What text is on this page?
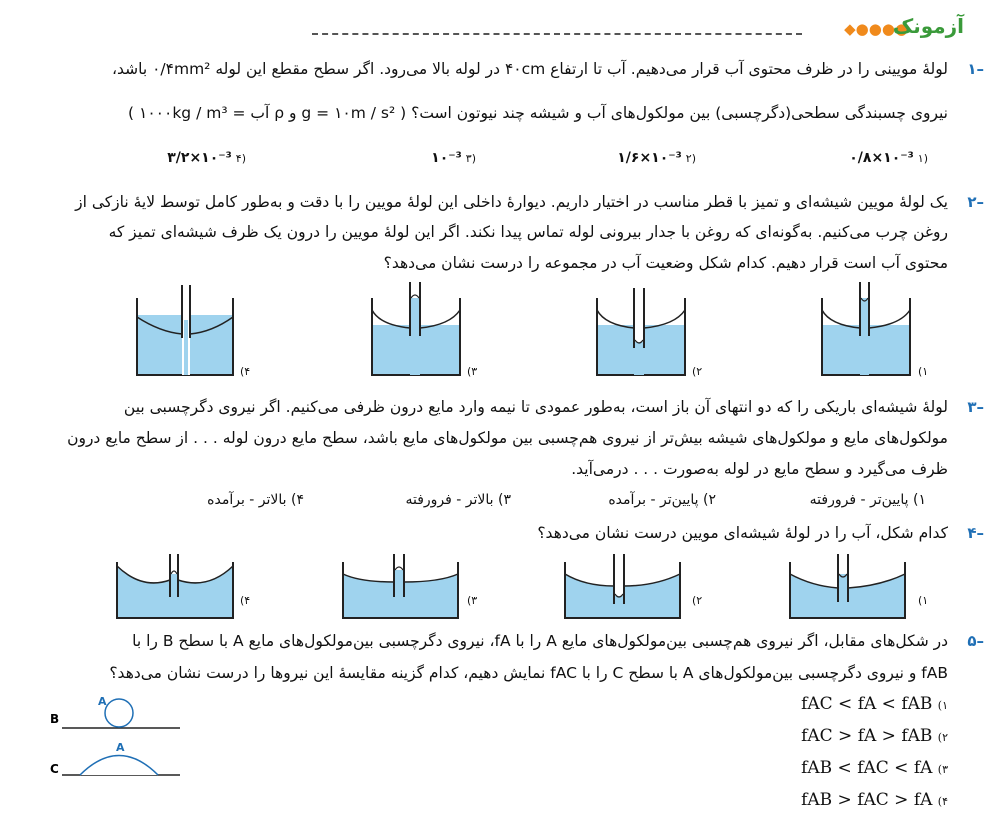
◆●●●●
آزمونک
۱–
لولهٔ مویینی را در ظرف محتوی آب قرار می‌دهیم. آب تا ارتفاع ۴۰cm در لوله بالا می‌رود. اگر سطح مقطع این لوله ۰/۴mm² باشد،
نیروی چسبندگی سطحی(دگرچسبی) بین مولکول‌های آب و شیشه چند نیوتون است؟ ( g = ۱۰m / s² و ρ آب = ۱۰۰۰kg / m³ )
(۱۰/۸×۱۰⁻³
(۲۱/۶×۱۰⁻³
(۳۱۰⁻³
(۴۳/۲×۱۰⁻³
۲–
یک لولهٔ مویین شیشه‌ای و تمیز با قطر مناسب در اختیار داریم. دیوارهٔ داخلی این لولهٔ مویین را با دقت و به‌طور کامل توسط لایهٔ نازکی از
روغن چرب می‌کنیم. به‌گونه‌ای که روغن با جدار بیرونی لوله تماس پیدا نکند. اگر این لولهٔ مویین را درون یک ظرف شیشه‌ای تمیز که
محتوی آب است قرار دهیم. کدام شکل وضعیت آب در مجموعه را درست نشان می‌دهد؟
(۱
(۲
(۳
(۴
۳–
لولهٔ شیشه‌ای باریکی را که دو انتهای آن باز است، به‌طور عمودی تا نیمه وارد مایع درون ظرفی می‌کنیم. اگر نیروی دگرچسبی بین
مولکول‌های مایع و مولکول‌های شیشه بیش‌تر از نیروی هم‌چسبی بین مولکول‌های مایع باشد، سطح مایع درون لوله . . . از سطح مایع درون
ظرف می‌گیرد و سطح مایع در لوله به‌صورت . . . درمی‌آید.
۱) پایین‌تر - فرورفته
۲) پایین‌تر - برآمده
۳) بالاتر - فرورفته
۴) بالاتر - برآمده
۴–
کدام شکل، آب را در لولهٔ شیشه‌ای مویین درست نشان می‌دهد؟
(۱
(۲
(۳
(۴
۵–
در شکل‌های مقابل، اگر نیروی هم‌چسبی بین‌مولکول‌های مایع A را با fA، نیروی دگرچسبی بین‌مولکول‌های مایع A با سطح B را با
fAB و نیروی دگرچسبی بین‌مولکول‌های A با سطح C را با fAC نمایش دهیم، کدام گزینه مقایسهٔ این نیروها را درست نشان می‌دهد؟
A
B
A
C
fAC < fA < fAB (۱
fAC > fA > fAB (۲
fAB < fAC < fA (۳
fAB > fAC > fA (۴
